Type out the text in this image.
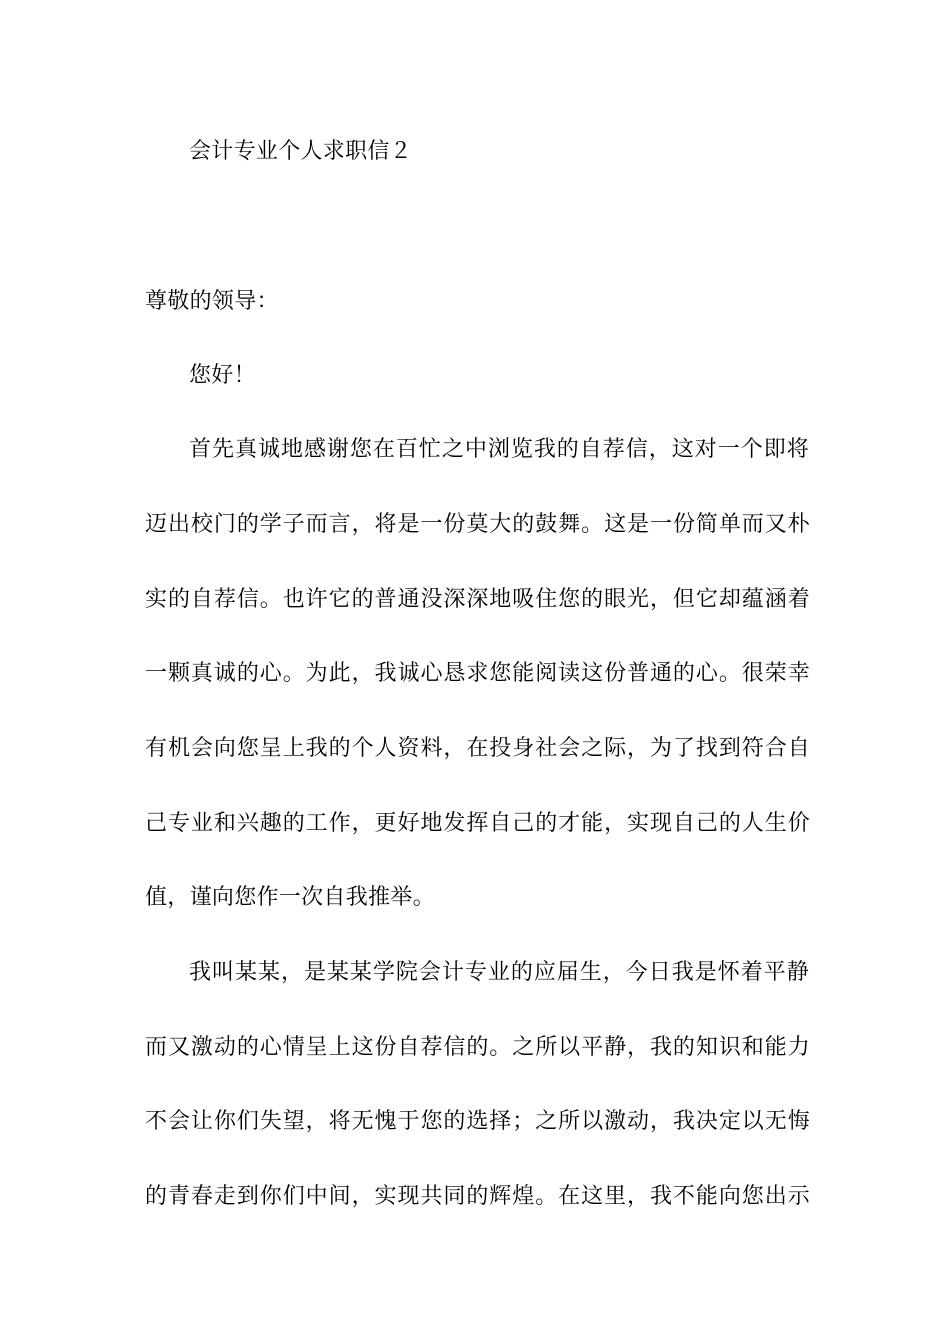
会计专业个人求职信２
尊敬的领导：
您好！
首先真诚地感谢您在百忙之中浏览我的自荐信，这对一个即将
迈出校门的学子而言，将是一份莫大的鼓舞。这是一份简单而又朴
实的自荐信。也许它的普通没深深地吸住您的眼光，但它却蕴涵着
一颗真诚的心。为此，我诚心恳求您能阅读这份普通的心。很荣幸
有机会向您呈上我的个人资料，在投身社会之际，为了找到符合自
己专业和兴趣的工作，更好地发挥自己的才能，实现自己的人生价
值，谨向您作一次自我推举。
我叫某某，是某某学院会计专业的应届生，今日我是怀着平静
而又激动的心情呈上这份自荐信的。之所以平静，我的知识和能力
不会让你们失望，将无愧于您的选择；之所以激动，我决定以无悔
的青春走到你们中间，实现共同的辉煌。在这里，我不能向您出示
